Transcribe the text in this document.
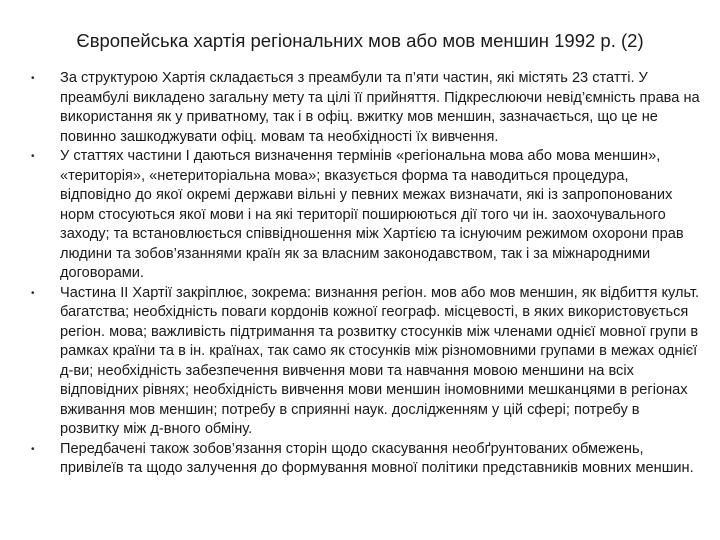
Європейська хартія регіональних мов або мов меншин 1992 р. (2)
• За структурою Хартія складається з преамбули та п’яти частин, які містять 23 статті. У преамбулі викладено загальну мету та цілі її прийняття. Підкреслюючи невід’ємність права на використання як у приватному, так і в офіц. вжитку мов меншин, зазначається, що це не повинно зашкоджувати офіц. мовам та необхідності їх вивчення.
• У статтях частини І даються визначення термінів «регіональна мова або мова меншин», «територія», «нетериторіальна мова»; вказується форма та наводиться процедура, відповідно до якої окремі держави вільні у певних межах визначати, які із запропонованих норм стосуються якої мови і на які території поширюються дії того чи ін. заохочувального заходу; та встановлюється співвідношення між Хартією та існуючим режимом охорони прав людини та зобов’язаннями країн як за власним законодавством, так і за міжнародними договорами.
• Частина ІІ Хартії закріплює, зокрема: визнання регіон. мов або мов меншин, як відбиття культ. багатства; необхідність поваги кордонів кожної географ. місцевості, в яких використовується регіон. мова; важливість підтримання та розвитку стосунків між членами однієї мовної групи в рамках країни та в ін. країнах, так само як стосунків між різномовними групами в межах однієї д-ви; необхідність забезпечення вивчення мови та навчання мовою меншини на всіх відповідних рівнях; необхідність вивчення мови меншин іномовними мешканцями в регіонах вживання мов меншин; потребу в сприянні наук. дослідженням у цій сфері; потребу в розвитку між д-вного обміну.
• Передбачені також зобов’язання сторін щодо скасування необґрунтованих обмежень, привілеїв та щодо залучення до формування мовної політики представників мовних меншин.
